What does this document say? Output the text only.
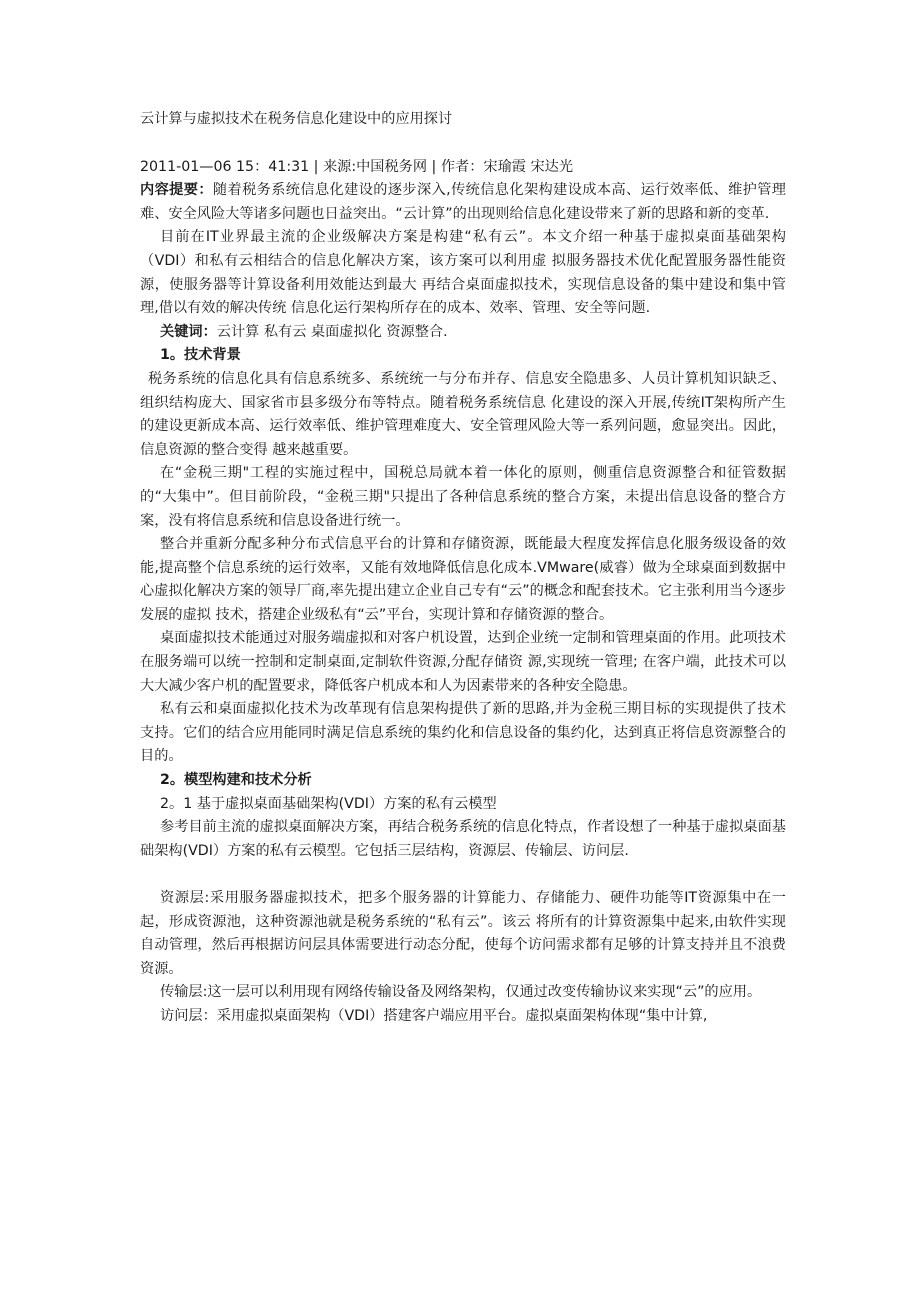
云计算与虚拟技术在税务信息化建设中的应用探讨

2011-01—06 15：41:31 | 来源:中国税务网 | 作者：宋瑜霞 宋达光

内容提要：随着税务系统信息化建设的逐步深入,传统信息化架构建设成本高、运行效率低、维护管理难、安全风险大等诸多问题也日益突出。“云计算”的出现则给信息化建设带来了新的思路和新的变革.

目前在IT业界最主流的企业级解决方案是构建“私有云”。本文介绍一种基于虚拟桌面基础架构（VDI）和私有云相结合的信息化解决方案，该方案可以利用虚 拟服务器技术优化配置服务器性能资源，使服务器等计算设备利用效能达到最大 再结合桌面虚拟技术，实现信息设备的集中建设和集中管理,借以有效的解决传统 信息化运行架构所存在的成本、效率、管理、安全等问题.

关键词：云计算 私有云 桌面虚拟化 资源整合.

1。技术背景

税务系统的信息化具有信息系统多、系统统一与分布并存、信息安全隐患多、人员计算机知识缺乏、组织结构庞大、国家省市县多级分布等特点。随着税务系统信息 化建设的深入开展,传统IT架构所产生的建设更新成本高、运行效率低、维护管理难度大、安全管理风险大等一系列问题，愈显突出。因此，信息资源的整合变得 越来越重要。

在“金税三期"工程的实施过程中，国税总局就本着一体化的原则，侧重信息资源整合和征管数据的“大集中”。但目前阶段，“金税三期"只提出了各种信息系统的整合方案，未提出信息设备的整合方案，没有将信息系统和信息设备进行统一。

整合并重新分配多种分布式信息平台的计算和存储资源，既能最大程度发挥信息化服务级设备的效能,提高整个信息系统的运行效率，又能有效地降低信息化成本.VMware(威睿）做为全球桌面到数据中心虚拟化解决方案的领导厂商,率先提出建立企业自己专有“云”的概念和配套技术。它主张利用当今逐步发展的虚拟 技术，搭建企业级私有“云”平台，实现计算和存储资源的整合。

桌面虚拟技术能通过对服务端虚拟和对客户机设置，达到企业统一定制和管理桌面的作用。此项技术在服务端可以统一控制和定制桌面,定制软件资源,分配存储资 源,实现统一管理; 在客户端，此技术可以大大减少客户机的配置要求，降低客户机成本和人为因素带来的各种安全隐患。

私有云和桌面虚拟化技术为改革现有信息架构提供了新的思路,并为金税三期目标的实现提供了技术支持。它们的结合应用能同时满足信息系统的集约化和信息设备的集约化，达到真正将信息资源整合的目的。

2。模型构建和技术分析

2。1 基于虚拟桌面基础架构(VDI）方案的私有云模型

参考目前主流的虚拟桌面解决方案，再结合税务系统的信息化特点，作者设想了一种基于虚拟桌面基础架构(VDI）方案的私有云模型。它包括三层结构，资源层、传输层、访问层.

资源层:采用服务器虚拟技术，把多个服务器的计算能力、存储能力、硬件功能等IT资源集中在一起，形成资源池，这种资源池就是税务系统的“私有云”。该云 将所有的计算资源集中起来,由软件实现自动管理，然后再根据访问层具体需要进行动态分配，使每个访问需求都有足够的计算支持并且不浪费资源。

传输层:这一层可以利用现有网络传输设备及网络架构，仅通过改变传输协议来实现“云”的应用。

访问层：采用虚拟桌面架构（VDI）搭建客户端应用平台。虚拟桌面架构体现“集中计算,
